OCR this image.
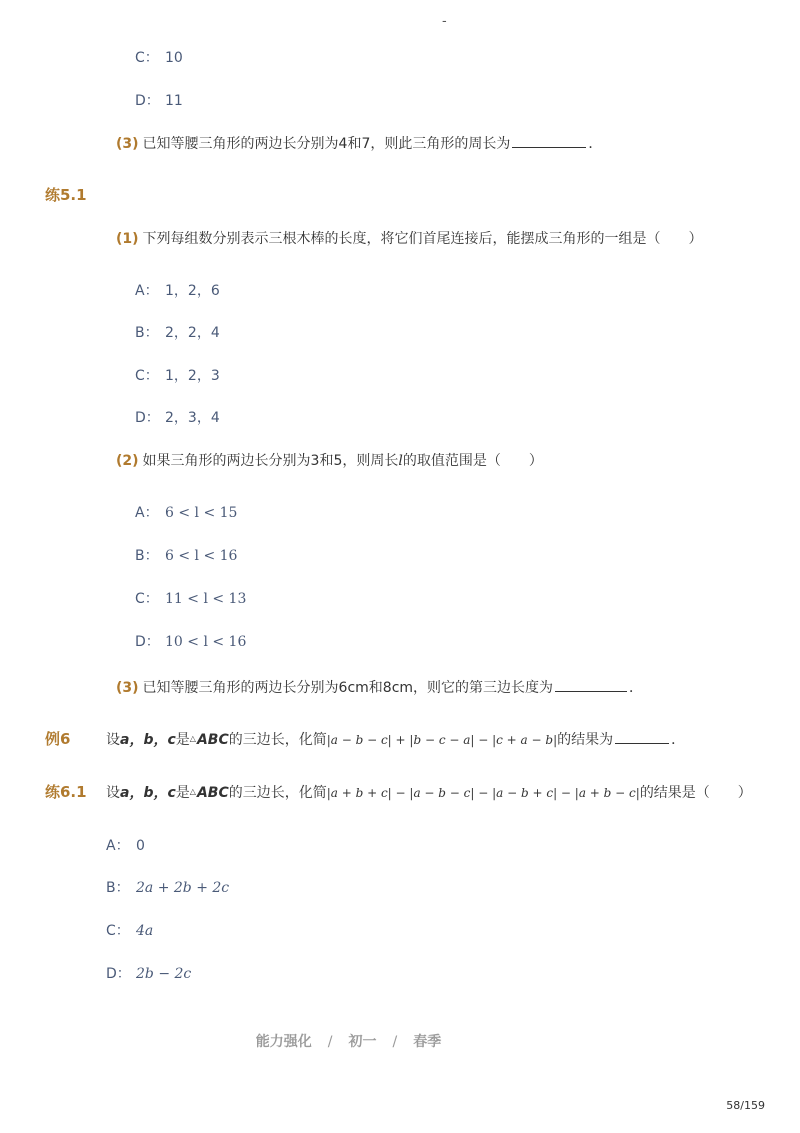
-
C： 10
D： 11
(3) 已知等腰三角形的两边长分别为4和7，则此三角形的周长为	．
练5.1
(1) 下列每组数分别表示三根木棒的长度，将它们首尾连接后，能摆成三角形的一组是（　　）
A： 1，2，6
B： 2，2，4
C： 1，2，3
D： 2，3，4
(2) 如果三角形的两边长分别为3和5，则周长l的取值范围是（　　）
A： 6 < l < 15
B： 6 < l < 16
C： 11 < l < 13
D： 10 < l < 16
(3) 已知等腰三角形的两边长分别为6cm和8cm，则它的第三边长度为	．
例6	设a，b，c是△ABC的三边长，化简|a − b − c| + |b − c − a| − |c + a − b|的结果为	．
练6.1 设a，b，c是△ABC的三边长，化简|a + b + c| − |a − b − c| − |a − b + c| − |a + b − c|的结果是（　　）
A： 0
B： 2a + 2b + 2c
C： 4a
D： 2b − 2c
能力强化 / 初一 / 春季
58/159
